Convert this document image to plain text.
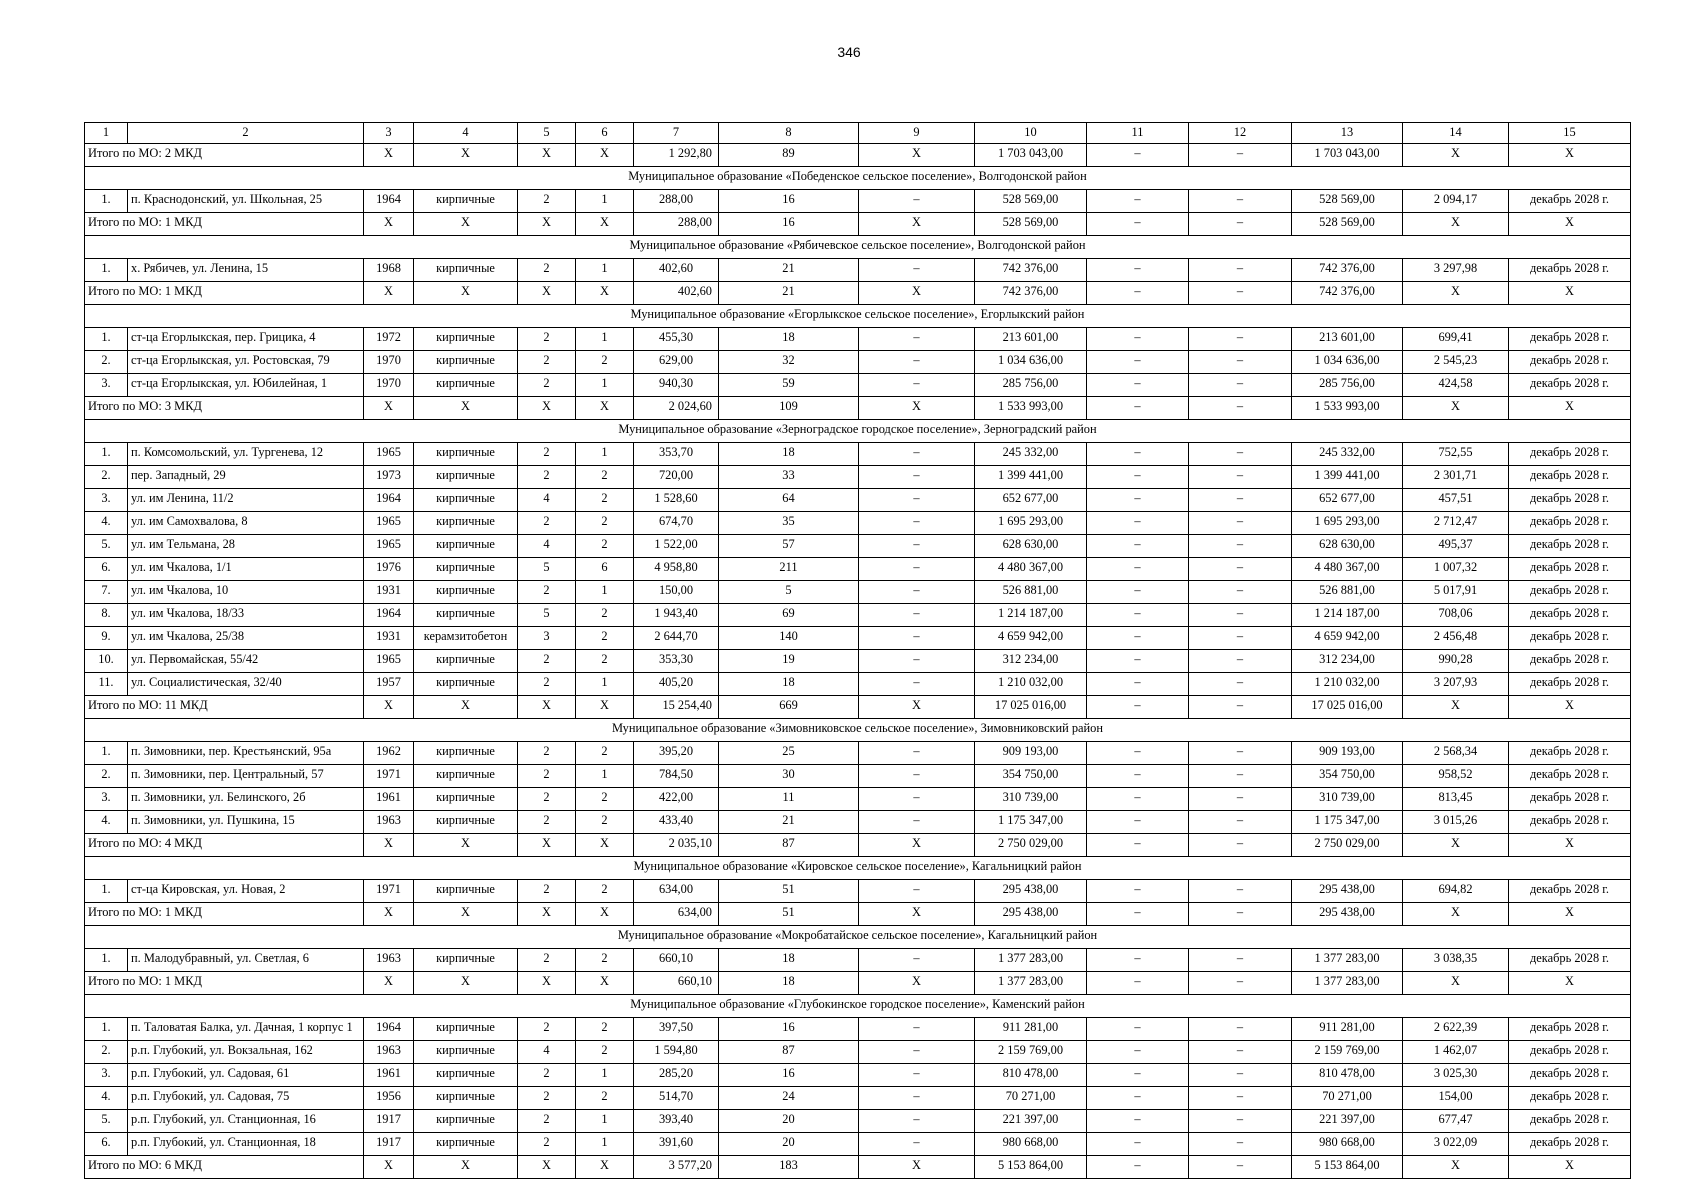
346
1	2	3	4	5	6	7	8	9	10	11	12	13	14	15
Итого по МО: 2 МКД		X	X	X	X	1 292,80	89	X	1 703 043,00	–	–	1 703 043,00	X	X
Муниципальное образование «Победенское сельское поселение», Волгодонской район														
1.	п. Краснодонский, ул. Школьная, 25	1964	кирпичные	2	1	288,00	16	–	528 569,00	–	–	528 569,00	2 094,17	декабрь 2028 г.
Итого по МО: 1 МКД		X	X	X	X	288,00	16	X	528 569,00	–	–	528 569,00	X	X
Муниципальное образование «Рябичевское сельское поселение», Волгодонской район														
1.	х. Рябичев, ул. Ленина, 15	1968	кирпичные	2	1	402,60	21	–	742 376,00	–	–	742 376,00	3 297,98	декабрь 2028 г.
Итого по МО: 1 МКД		X	X	X	X	402,60	21	X	742 376,00	–	–	742 376,00	X	X
Муниципальное образование «Егорлыкское сельское поселение», Егорлыкский район														
1.	ст-ца Егорлыкская, пер. Грицика, 4	1972	кирпичные	2	1	455,30	18	–	213 601,00	–	–	213 601,00	699,41	декабрь 2028 г.
2.	ст-ца Егорлыкская, ул. Ростовская, 79	1970	кирпичные	2	2	629,00	32	–	1 034 636,00	–	–	1 034 636,00	2 545,23	декабрь 2028 г.
3.	ст-ца Егорлыкская, ул. Юбилейная, 1	1970	кирпичные	2	1	940,30	59	–	285 756,00	–	–	285 756,00	424,58	декабрь 2028 г.
Итого по МО: 3 МКД		X	X	X	X	2 024,60	109	X	1 533 993,00	–	–	1 533 993,00	X	X
Муниципальное образование «Зерноградское городское поселение», Зерноградский район														
1.	п. Комсомольский, ул. Тургенева, 12	1965	кирпичные	2	1	353,70	18	–	245 332,00	–	–	245 332,00	752,55	декабрь 2028 г.
2.	пер. Западный, 29	1973	кирпичные	2	2	720,00	33	–	1 399 441,00	–	–	1 399 441,00	2 301,71	декабрь 2028 г.
3.	ул. им Ленина, 11/2	1964	кирпичные	4	2	1 528,60	64	–	652 677,00	–	–	652 677,00	457,51	декабрь 2028 г.
4.	ул. им Самохвалова, 8	1965	кирпичные	2	2	674,70	35	–	1 695 293,00	–	–	1 695 293,00	2 712,47	декабрь 2028 г.
5.	ул. им Тельмана, 28	1965	кирпичные	4	2	1 522,00	57	–	628 630,00	–	–	628 630,00	495,37	декабрь 2028 г.
6.	ул. им Чкалова, 1/1	1976	кирпичные	5	6	4 958,80	211	–	4 480 367,00	–	–	4 480 367,00	1 007,32	декабрь 2028 г.
7.	ул. им Чкалова, 10	1931	кирпичные	2	1	150,00	5	–	526 881,00	–	–	526 881,00	5 017,91	декабрь 2028 г.
8.	ул. им Чкалова, 18/33	1964	кирпичные	5	2	1 943,40	69	–	1 214 187,00	–	–	1 214 187,00	708,06	декабрь 2028 г.
9.	ул. им Чкалова, 25/38	1931	керамзитобетон	3	2	2 644,70	140	–	4 659 942,00	–	–	4 659 942,00	2 456,48	декабрь 2028 г.
10.	ул. Первомайская, 55/42	1965	кирпичные	2	2	353,30	19	–	312 234,00	–	–	312 234,00	990,28	декабрь 2028 г.
11.	ул. Социалистическая, 32/40	1957	кирпичные	2	1	405,20	18	–	1 210 032,00	–	–	1 210 032,00	3 207,93	декабрь 2028 г.
Итого по МО: 11 МКД		X	X	X	X	15 254,40	669	X	17 025 016,00	–	–	17 025 016,00	X	X
Муниципальное образование «Зимовниковское сельское поселение», Зимовниковский район														
1.	п. Зимовники, пер. Крестьянский, 95а	1962	кирпичные	2	2	395,20	25	–	909 193,00	–	–	909 193,00	2 568,34	декабрь 2028 г.
2.	п. Зимовники, пер. Центральный, 57	1971	кирпичные	2	1	784,50	30	–	354 750,00	–	–	354 750,00	958,52	декабрь 2028 г.
3.	п. Зимовники, ул. Белинского, 2б	1961	кирпичные	2	2	422,00	11	–	310 739,00	–	–	310 739,00	813,45	декабрь 2028 г.
4.	п. Зимовники, ул. Пушкина, 15	1963	кирпичные	2	2	433,40	21	–	1 175 347,00	–	–	1 175 347,00	3 015,26	декабрь 2028 г.
Итого по МО: 4 МКД		X	X	X	X	2 035,10	87	X	2 750 029,00	–	–	2 750 029,00	X	X
Муниципальное образование «Кировское сельское поселение», Кагальницкий район														
1.	ст-ца Кировская, ул. Новая, 2	1971	кирпичные	2	2	634,00	51	–	295 438,00	–	–	295 438,00	694,82	декабрь 2028 г.
Итого по МО: 1 МКД		X	X	X	X	634,00	51	X	295 438,00	–	–	295 438,00	X	X
Муниципальное образование «Мокробатайское сельское поселение», Кагальницкий район														
1.	п. Малодубравный, ул. Светлая, 6	1963	кирпичные	2	2	660,10	18	–	1 377 283,00	–	–	1 377 283,00	3 038,35	декабрь 2028 г.
Итого по МО: 1 МКД		X	X	X	X	660,10	18	X	1 377 283,00	–	–	1 377 283,00	X	X
Муниципальное образование «Глубокинское городское поселение», Каменский район														
1.	п. Таловатая Балка, ул. Дачная, 1 корпус 1	1964	кирпичные	2	2	397,50	16	–	911 281,00	–	–	911 281,00	2 622,39	декабрь 2028 г.
2.	р.п. Глубокий, ул. Вокзальная, 162	1963	кирпичные	4	2	1 594,80	87	–	2 159 769,00	–	–	2 159 769,00	1 462,07	декабрь 2028 г.
3.	р.п. Глубокий, ул. Садовая, 61	1961	кирпичные	2	1	285,20	16	–	810 478,00	–	–	810 478,00	3 025,30	декабрь 2028 г.
4.	р.п. Глубокий, ул. Садовая, 75	1956	кирпичные	2	2	514,70	24	–	70 271,00	–	–	70 271,00	154,00	декабрь 2028 г.
5.	р.п. Глубокий, ул. Станционная, 16	1917	кирпичные	2	1	393,40	20	–	221 397,00	–	–	221 397,00	677,47	декабрь 2028 г.
6.	р.п. Глубокий, ул. Станционная, 18	1917	кирпичные	2	1	391,60	20	–	980 668,00	–	–	980 668,00	3 022,09	декабрь 2028 г.
Итого по МО: 6 МКД		X	X	X	X	3 577,20	183	X	5 153 864,00	–	–	5 153 864,00	X	X
